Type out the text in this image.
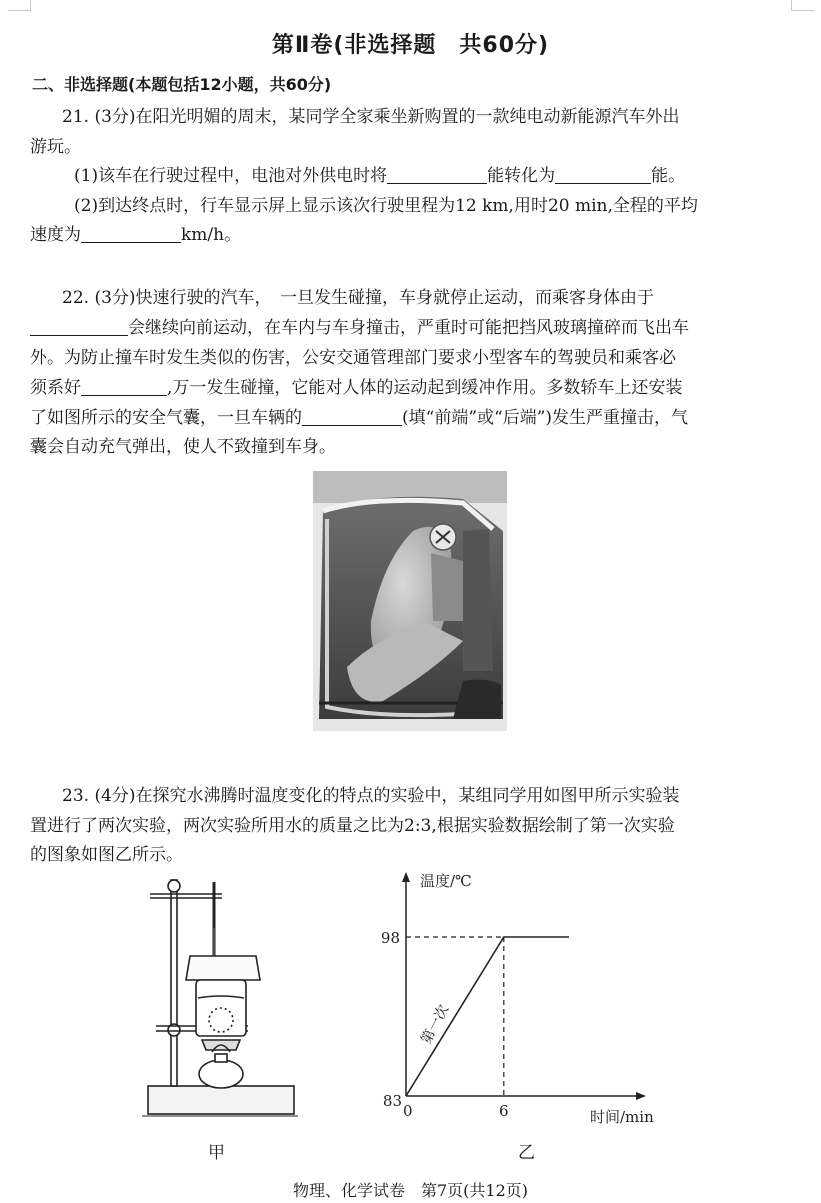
第Ⅱ卷(非选择题　共60分)
二、非选择题(本题包括12小题，共60分)
21. (3分)在阳光明媚的周末，某同学全家乘坐新购置的一款纯电动新能源汽车外出
游玩。
(1)该车在行驶过程中，电池对外供电时将	能转化为	能。
(2)到达终点时，行车显示屏上显示该次行驶里程为12 km,用时20 min,全程的平均
速度为	km/h。
22. (3分)快速行驶的汽车，　一旦发生碰撞，车身就停止运动，而乘客身体由于
会继续向前运动，在车内与车身撞击，严重时可能把挡风玻璃撞碎而飞出车
外。为防止撞车时发生类似的伤害，公安交通管理部门要求小型客车的驾驶员和乘客必
须系好	,万一发生碰撞，它能对人体的运动起到缓冲作用。多数轿车上还安装
了如图所示的安全气囊，一旦车辆的	(填“前端”或“后端”)发生严重撞击，气
囊会自动充气弹出，使人不致撞到车身。
23. (4分)在探究水沸腾时温度变化的特点的实验中，某组同学用如图甲所示实验装
置进行了两次实验，两次实验所用水的质量之比为2:3,根据实验数据绘制了第一次实验
的图象如图乙所示。
甲
温度/℃
时间/min
0
83
98
6
第一次
乙
物理、化学试卷　第7页(共12页)
